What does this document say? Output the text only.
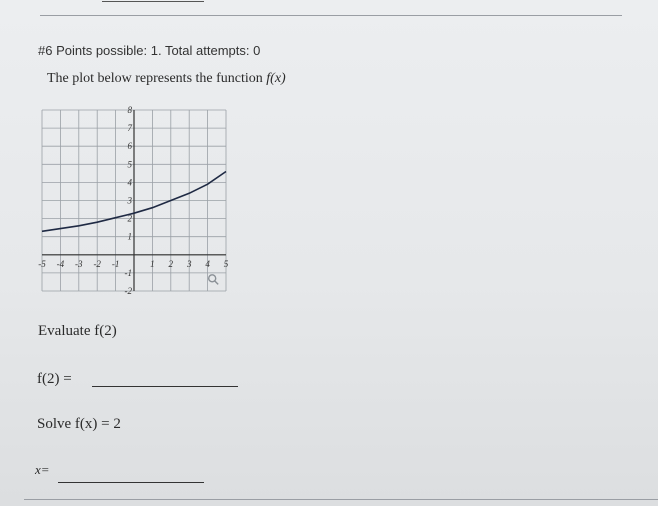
#6 Points possible: 1. Total attempts: 0
The plot below represents the function f(x)
-5 -4 -3 -2 -1	1 2 3 4 5
8
7
6
5
4
3
2
1
-1
-2
Evaluate f(2)
f(2) =
Solve f(x) = 2
x=
